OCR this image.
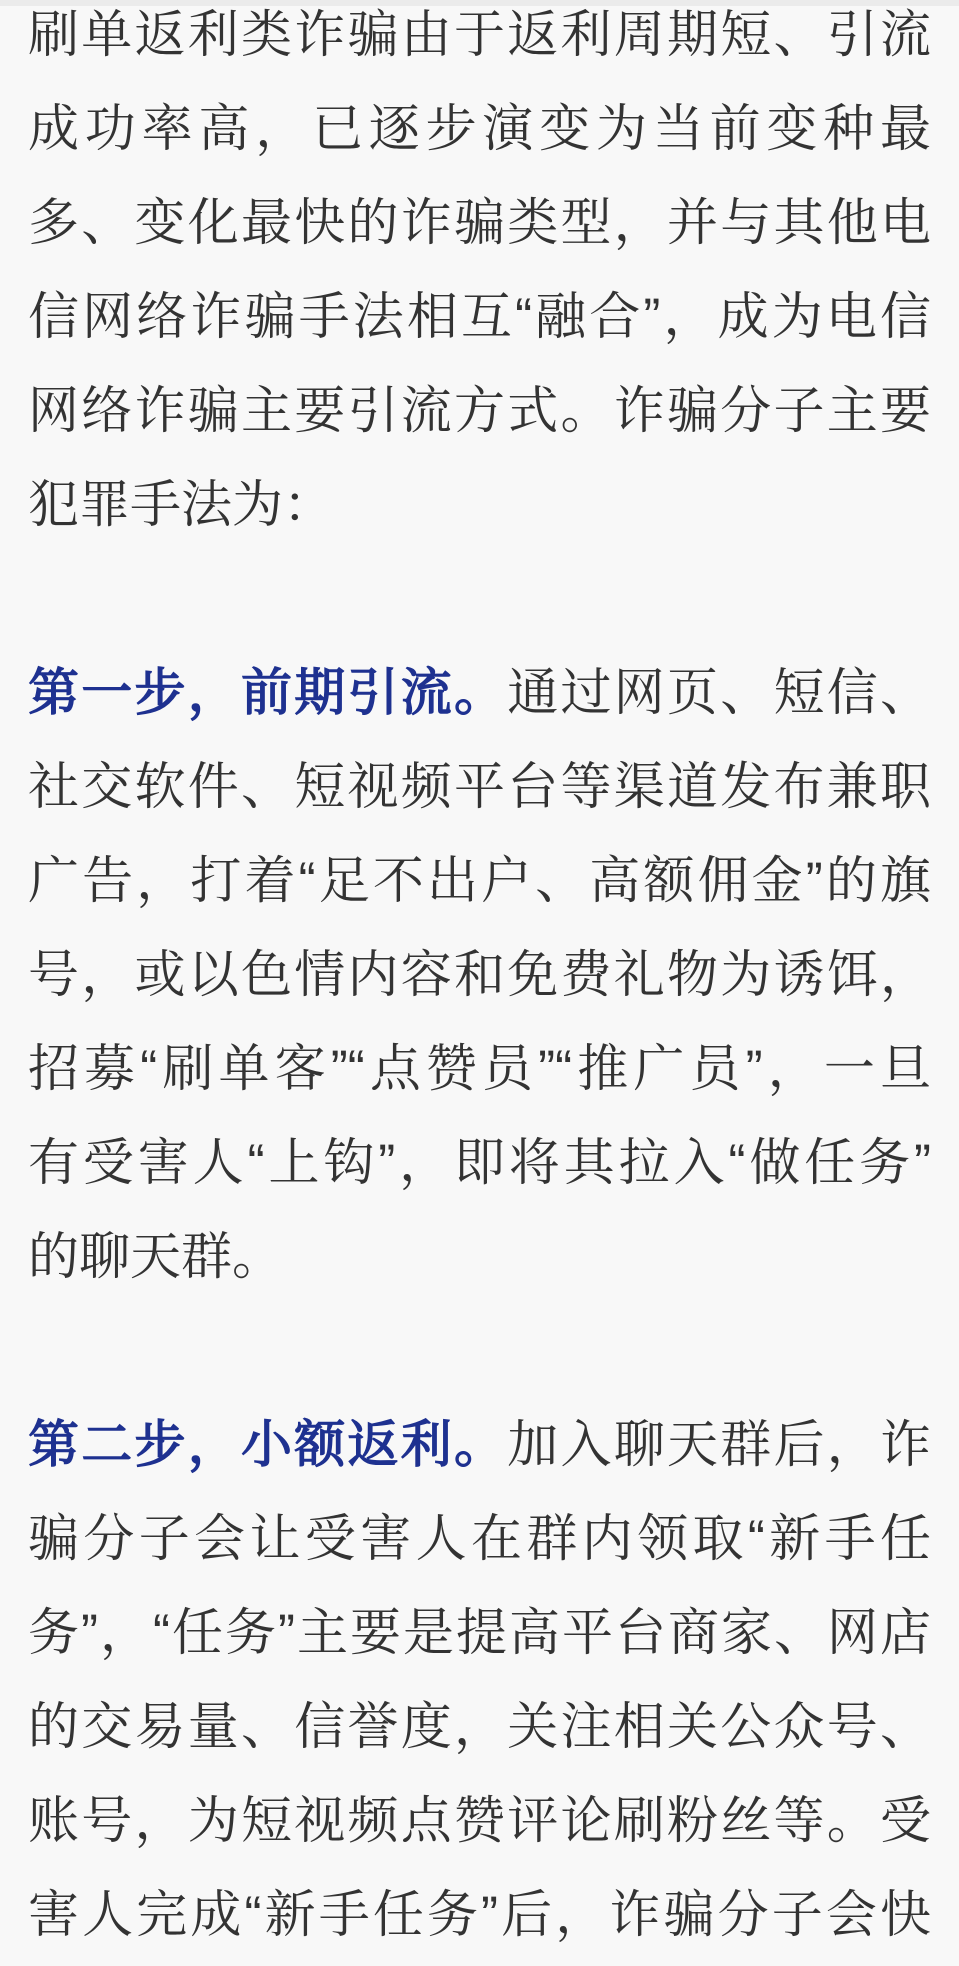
刷单返利类诈骗由于返利周期短、引流
成功率高，已逐步演变为当前变种最
多、变化最快的诈骗类型，并与其他电
信网络诈骗手法相互“融合”，成为电信
网络诈骗主要引流方式。诈骗分子主要
犯罪手法为：
第一步，前期引流。通过网页、短信、
社交软件、短视频平台等渠道发布兼职
广告，打着“足不出户、高额佣金”的旗
号，或以色情内容和免费礼物为诱饵，
招募“刷单客”“点赞员”“推广员”，一旦
有受害人“上钩”，即将其拉入“做任务”
的聊天群。
第二步，小额返利。加入聊天群后，诈
骗分子会让受害人在群内领取“新手任
务”，“任务”主要是提高平台商家、网店
的交易量、信誉度，关注相关公众号、
账号，为短视频点赞评论刷粉丝等。受
害人完成“新手任务”后，诈骗分子会快
